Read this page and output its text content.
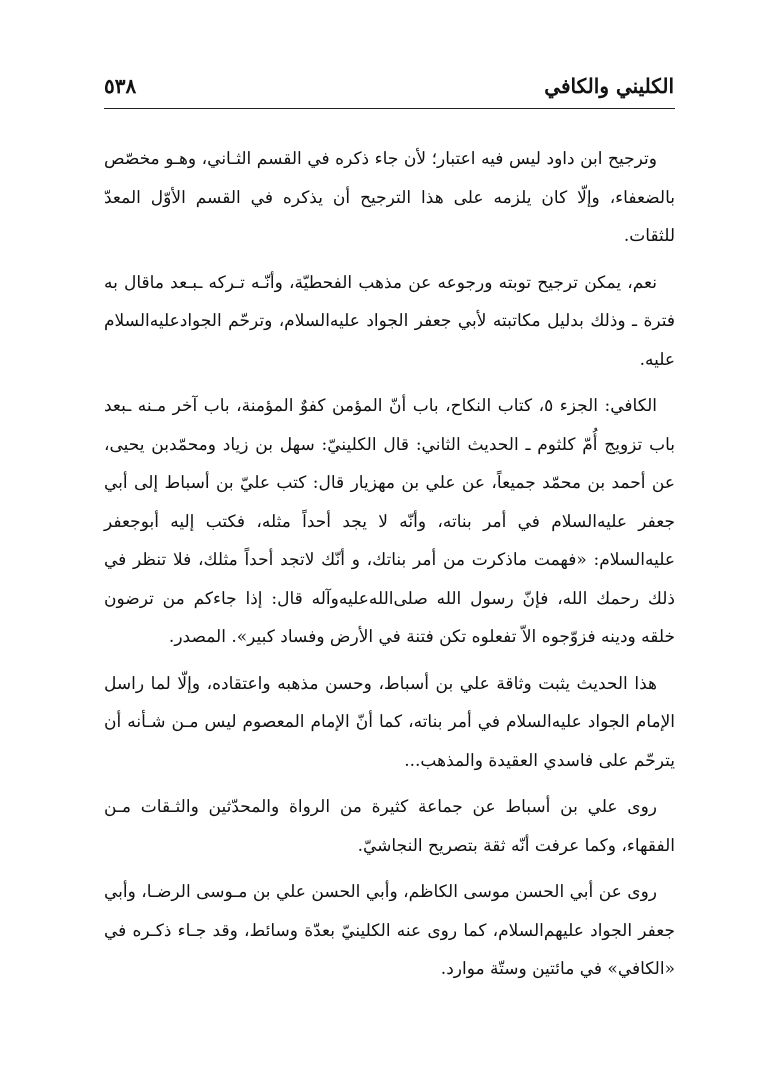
الكليني والكافي
٥٣٨

وترجيح ابن داود ليس فيه اعتبار؛ لأن جاء ذكره في القسم الثـاني، وهـو مخصّص بالضعفاء، وإلّا كان يلزمه على هذا الترجيح أن يذكره في القسم الأوّل المعدّ للثقات.

نعم، يمكن ترجيح توبته ورجوعه عن مذهب الفحطيّة، وأنّـه تـركه ـبـعد ماقال به فترة ـ وذلك بدليل مكاتبته لأبي جعفر الجواد عليه‌السلام، وترحّم الجوادعليه‌السلام عليه.

الكافي: الجزء ٥، كتاب النكاح، باب أنّ المؤمن كفوٌ المؤمنة، باب آخر مـنه ـبعد باب تزويج أُمّ كلثوم ـ الحديث الثاني: قال الكلينيّ: سهل بن زياد ومحمّدبن يحيى، عن أحمد بن محمّد جميعاً، عن علي بن مهزيار قال: كتب عليّ بن أسباط إلى أبي جعفر عليه‌السلام في أمر بناته، وأنّه لا يجد أحداً مثله، فكتب إليه أبوجعفر عليه‌السلام: «فهمت ماذكرت من أمر بناتك، و أنّك لاتجد أحداً مثلك، فلا تنظر في ذلك رحمك الله، فإنّ رسول الله صلى‌الله‌عليه‌وآله قال: إذا جاءكم من ترضون خلقه ودينه فزوّجوه الاّ تفعلوه تكن فتنة في الأرض وفساد كبير». المصدر.

هذا الحديث يثبت وثاقة علي بن أسباط، وحسن مذهبه واعتقاده، وإلّا لما راسل الإمام الجواد عليه‌السلام في أمر بناته، كما أنّ الإمام المعصوم ليس مـن شـأنه أن يترحّم على فاسدي العقيدة والمذهب...

روى علي بن أسباط عن جماعة كثيرة من الرواة والمحدّثين والثـقات مـن الفقهاء، وكما عرفت أنّه ثقة بتصريح النجاشيّ.

روى عن أبي الحسن موسى الكاظم، وأبي الحسن علي بن مـوسى الرضـا، وأبي جعفر الجواد عليهم‌السلام، كما روى عنه الكلينيّ بعدّة وسائط، وقد جـاء ذكـره في «الكافي» في مائتين وستّة موارد.
